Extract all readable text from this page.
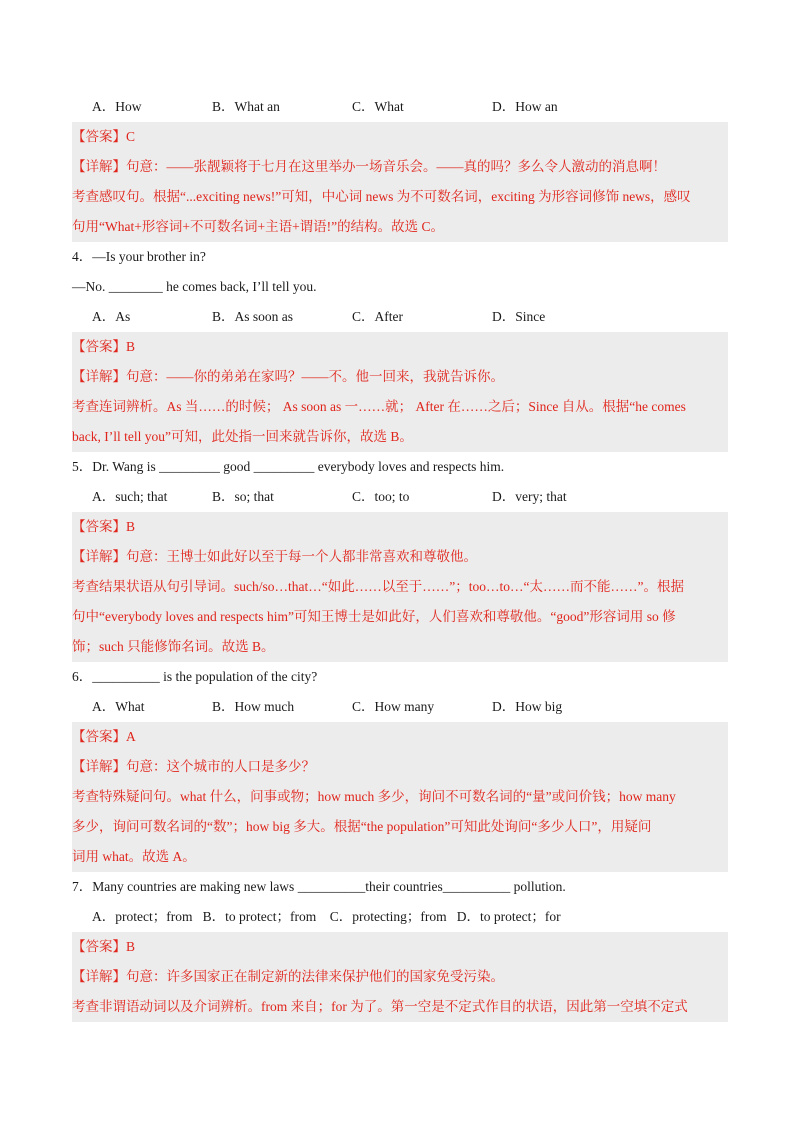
A．How	B．What an	C．What	D．How an
【答案】C
【详解】句意：——张靓颖将于七月在这里举办一场音乐会。——真的吗？多么令人激动的消息啊！
考查感叹句。根据“...exciting news!”可知，中心词 news 为不可数名词，exciting 为形容词修饰 news，感叹
句用“What+形容词+不可数名词+主语+谓语!”的结构。故选 C。
4．—Is your brother in?
—No. ________ he comes back, I’ll tell you.
A．As	B．As soon as	C．After	D．Since
【答案】B
【详解】句意：——你的弟弟在家吗？——不。他一回来，我就告诉你。
考查连词辨析。As 当……的时候； As soon as 一……就； After 在……之后；Since 自从。根据“he comes
back, I’ll tell you”可知，此处指一回来就告诉你，故选 B。
5．Dr. Wang is _________ good _________ everybody loves and respects him.
A．such; that	B．so; that	C．too; to	D．very; that
【答案】B
【详解】句意：王博士如此好以至于每一个人都非常喜欢和尊敬他。
考查结果状语从句引导词。such/so…that…“如此……以至于……”；too…to…“太……而不能……”。根据
句中“everybody loves and respects him”可知王博士是如此好，人们喜欢和尊敬他。“good”形容词用 so 修
饰；such 只能修饰名词。故选 B。
6．__________ is the population of the city?
A．What	B．How much	C．How many	D．How big
【答案】A
【详解】句意：这个城市的人口是多少？
考查特殊疑问句。what 什么，问事或物；how much 多少，询问不可数名词的“量”或问价钱；how many
多少，询问可数名词的“数”；how big 多大。根据“the population”可知此处询问“多少人口”，用疑问
词用 what。故选 A。
7．Many countries are making new laws __________their countries__________ pollution.
A．protect；from   B．to protect；from    C．protecting；from   D．to protect；for
【答案】B
【详解】句意：许多国家正在制定新的法律来保护他们的国家免受污染。
考查非谓语动词以及介词辨析。from 来自；for 为了。第一空是不定式作目的状语，因此第一空填不定式
